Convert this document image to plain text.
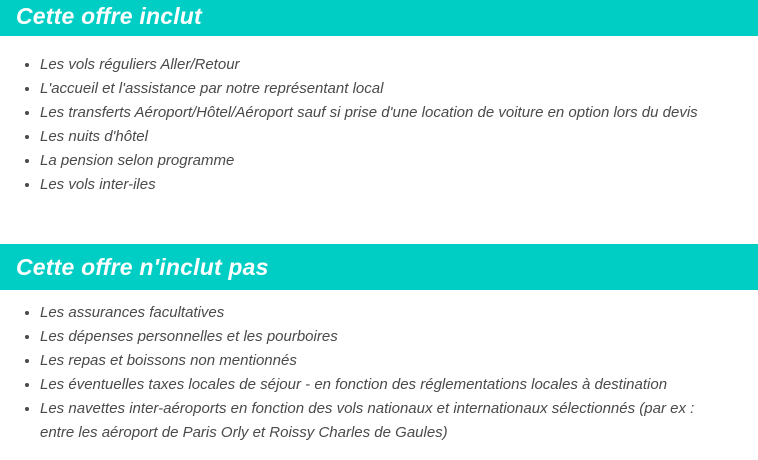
Cette offre inclut
• Les vols réguliers Aller/Retour
• L'accueil et l'assistance par notre représentant local
• Les transferts Aéroport/Hôtel/Aéroport sauf si prise d'une location de voiture en option lors du devis
• Les nuits d'hôtel
• La pension selon programme
• Les vols inter-iles
Cette offre n'inclut pas
• Les assurances facultatives
• Les dépenses personnelles et les pourboires
• Les repas et boissons non mentionnés
• Les éventuelles taxes locales de séjour - en fonction des réglementations locales à destination
• Les navettes inter-aéroports en fonction des vols nationaux et internationaux sélectionnés (par ex : entre les aéroport de Paris Orly et Roissy Charles de Gaules)
